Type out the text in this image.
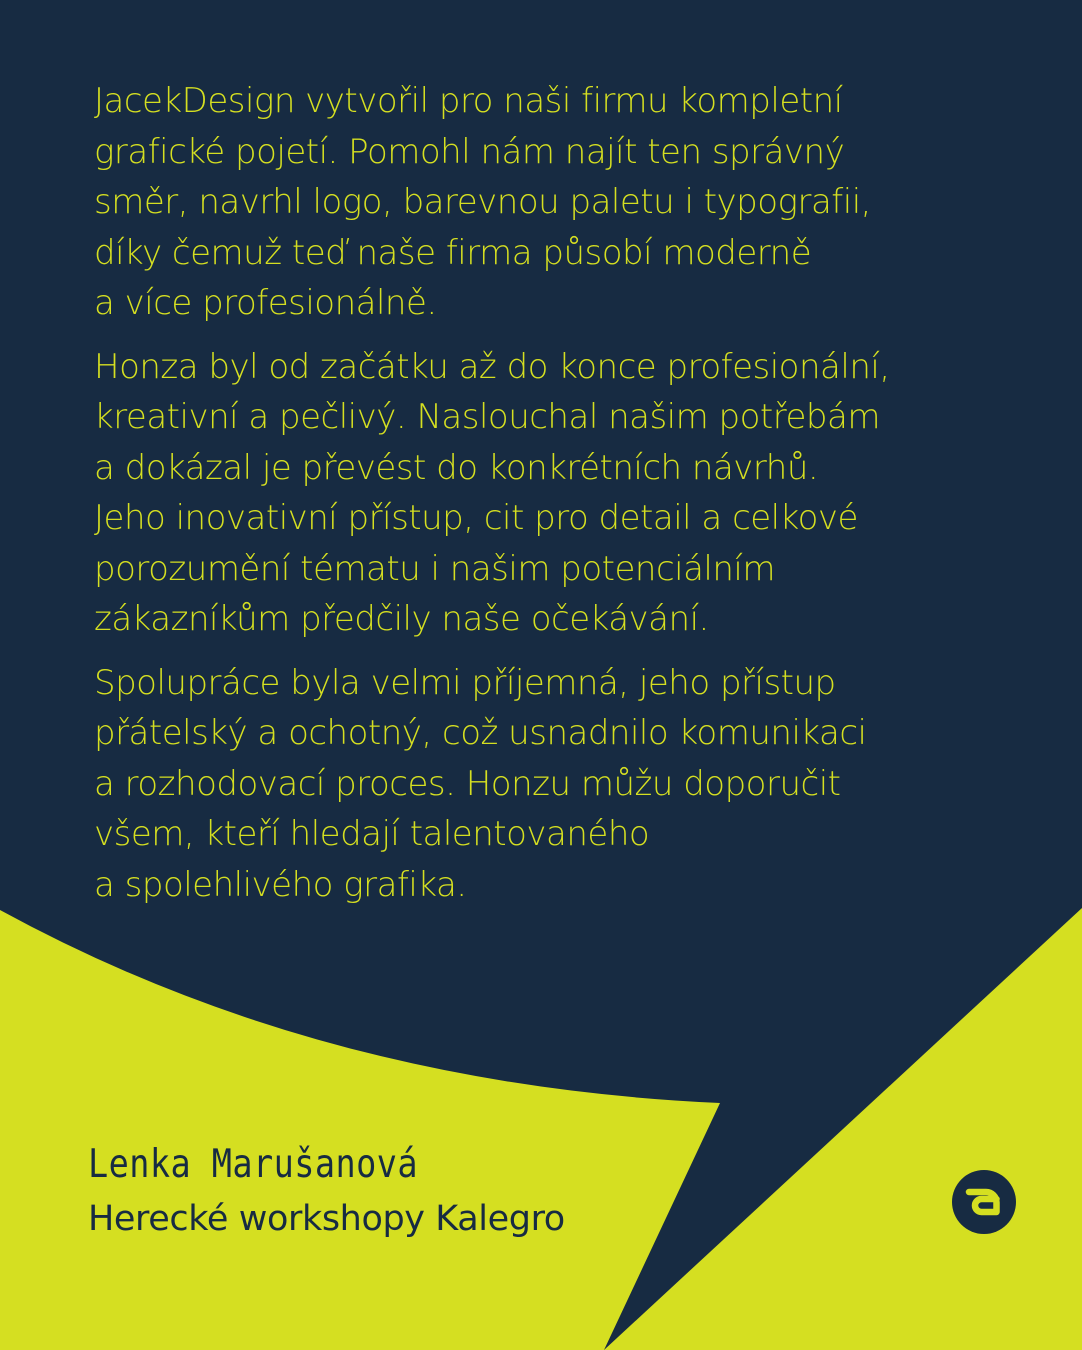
JacekDesign vytvořil pro naši firmu kompletní
grafické pojetí. Pomohl nám najít ten správný
směr, navrhl logo, barevnou paletu i typografii,
díky čemuž teď naše firma působí moderně
a více profesionálně.

Honza byl od začátku až do konce profesionální,
kreativní a pečlivý. Naslouchal našim potřebám
a dokázal je převést do konkrétních návrhů.
Jeho inovativní přístup, cit pro detail a celkové
porozumění tématu i našim potenciálním
zákazníkům předčily naše očekávání.

Spolupráce byla velmi příjemná, jeho přístup
přátelský a ochotný, což usnadnilo komunikaci
a rozhodovací proces. Honzu můžu doporučit
všem, kteří hledají talentovaného
a spolehlivého grafika.

Lenka Marušanová

Herecké workshopy Kalegro
